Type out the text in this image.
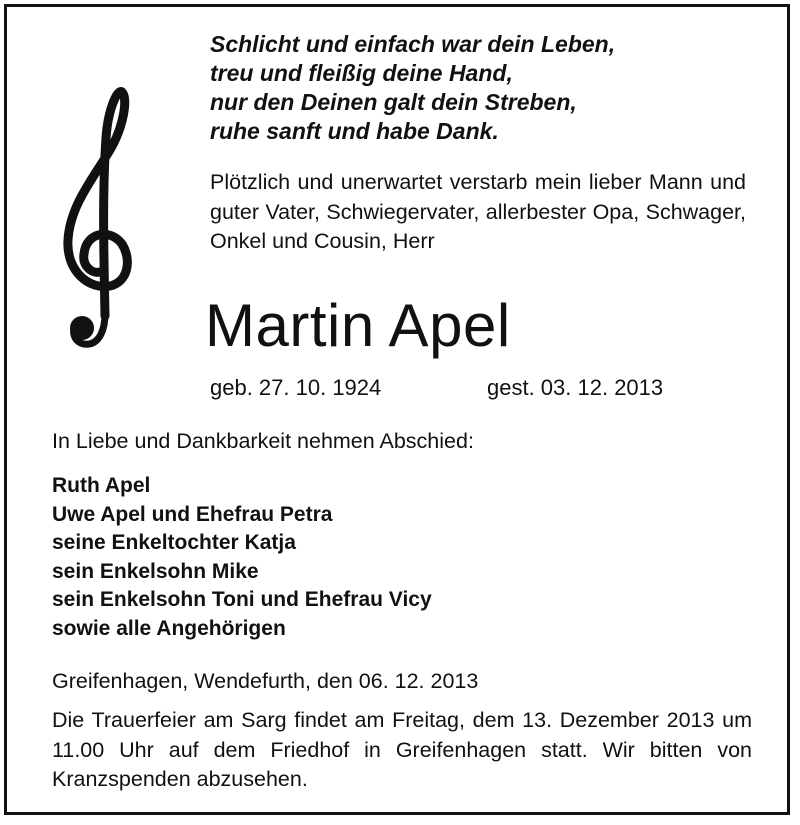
Schlicht und einfach war dein Leben,
treu und fleißig deine Hand,
nur den Deinen galt dein Streben,
ruhe sanft und habe Dank.
Plötzlich und unerwartet verstarb mein lieber Mann und guter Vater, Schwiegervater, allerbester Opa, Schwager, Onkel und Cousin, Herr
Martin Apel
geb. 27. 10. 1924	gest. 03. 12. 2013
In Liebe und Dankbarkeit nehmen Abschied:
Ruth Apel
Uwe Apel und Ehefrau Petra
seine Enkeltochter Katja
sein Enkelsohn Mike
sein Enkelsohn Toni und Ehefrau Vicy
sowie alle Angehörigen
Greifenhagen, Wendefurth, den 06. 12. 2013
Die Trauerfeier am Sarg findet am Freitag, dem 13. Dezember 2013 um 11.00 Uhr auf dem Friedhof in Greifenhagen statt. Wir bitten von Kranzspenden abzusehen.
